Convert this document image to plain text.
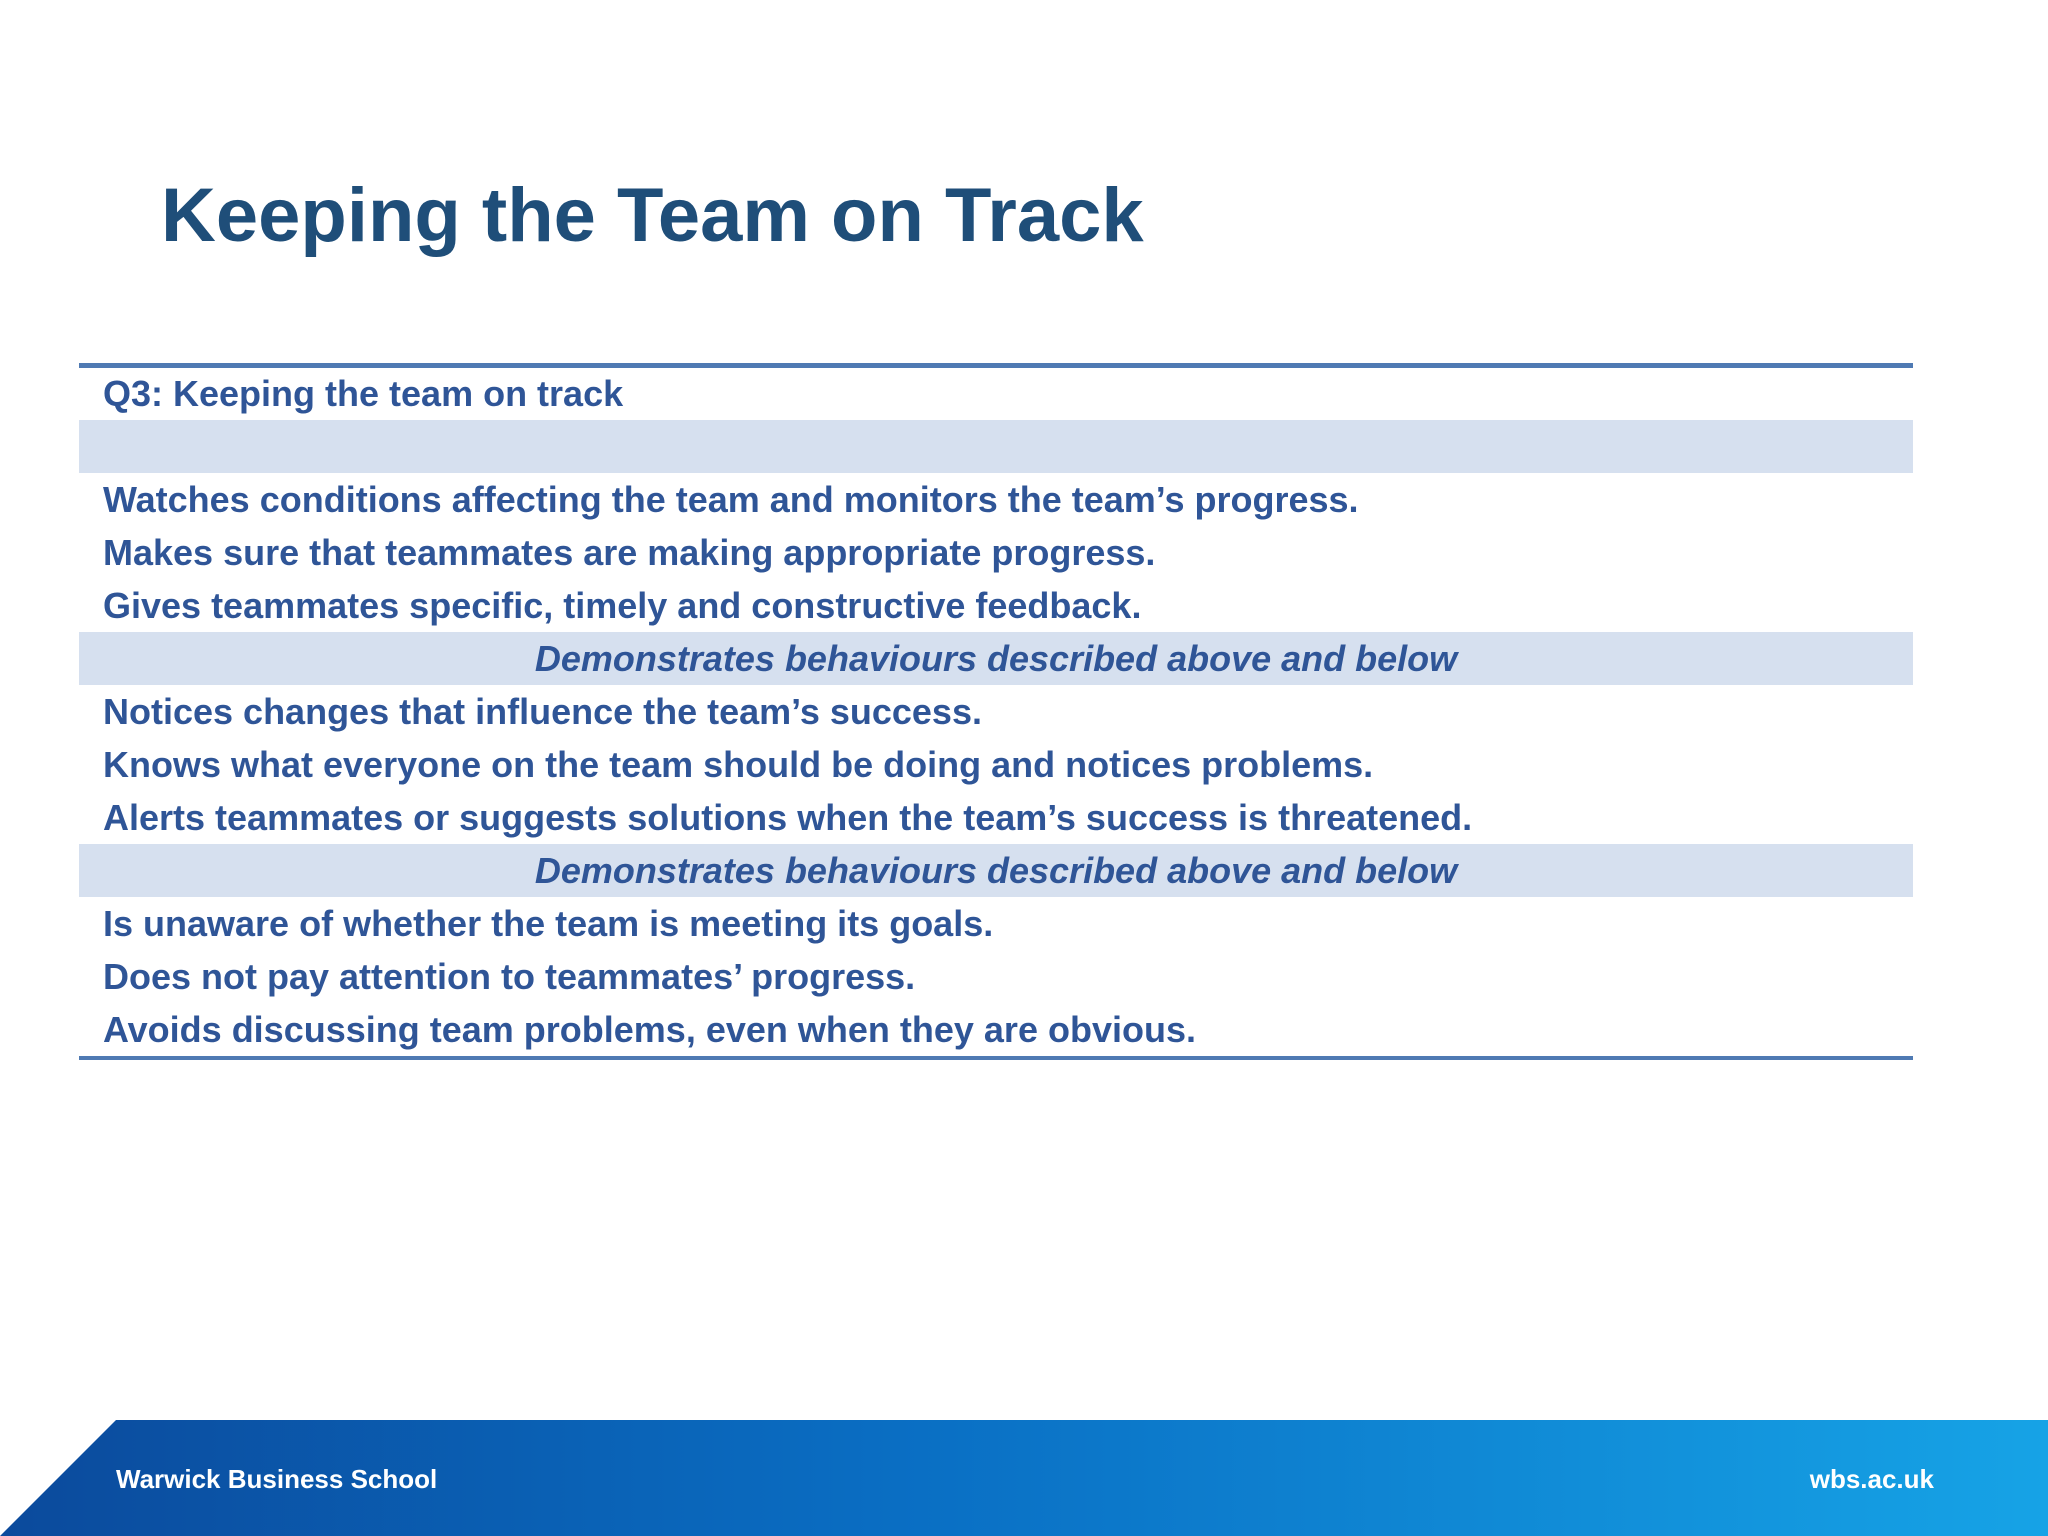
Keeping the Team on Track
Q3: Keeping the team on track
Watches conditions affecting the team and monitors the team’s progress.
Makes sure that teammates are making appropriate progress.
Gives teammates specific, timely and constructive feedback.
Demonstrates behaviours described above and below
Notices changes that influence the team’s success.
Knows what everyone on the team should be doing and notices problems.
Alerts teammates or suggests solutions when the team’s success is threatened.
Demonstrates behaviours described above and below
Is unaware of whether the team is meeting its goals.
Does not pay attention to teammates’ progress.
Avoids discussing team problems, even when they are obvious.
Warwick Business School	wbs.ac.uk
